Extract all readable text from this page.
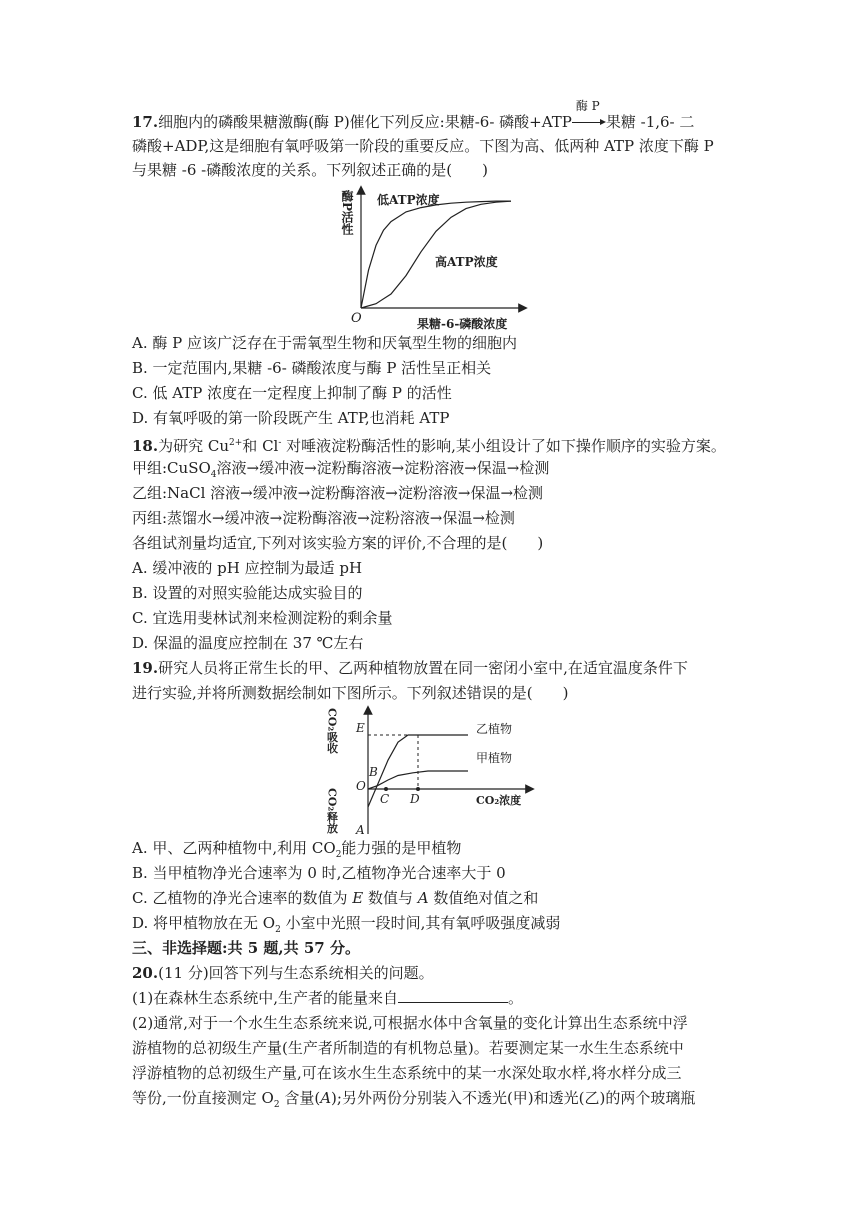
17.细胞内的磷酸果糖激酶(酶 P)催化下列反应:果糖-6- 磷酸+ATP
酶 P
果糖 -1,6- 二
磷酸+ADP,这是细胞有氧呼吸第一阶段的重要反应。下图为高、低两种 ATP 浓度下酶 P
与果糖 -6 -磷酸浓度的关系。下列叙述正确的是(　　)
酶P活性
O	果糖-6-磷酸浓度
低ATP浓度
高ATP浓度
A. 酶 P 应该广泛存在于需氧型生物和厌氧型生物的细胞内
B. 一定范围内,果糖 -6- 磷酸浓度与酶 P 活性呈正相关
C. 低 ATP 浓度在一定程度上抑制了酶 P 的活性
D. 有氧呼吸的第一阶段既产生 ATP,也消耗 ATP
18.为研究 $Cu^{2+}$和 Cl- 对唾液淀粉酶活性的影响,某小组设计了如下操作顺序的实验方案。
甲组:CuSO$_4$溶液→缓冲液→淀粉酶溶液→淀粉溶液→保温→检测
乙组:NaCl 溶液→缓冲液→淀粉酶溶液→淀粉溶液→保温→检测
丙组:蒸馏水→缓冲液→淀粉酶溶液→淀粉溶液→保温→检测
各组试剂量均适宜,下列对该实验方案的评价,不合理的是(　　)
A. 缓冲液的 pH 应控制为最适 pH
B. 设置的对照实验能达成实验目的
C. 宜选用斐林试剂来检测淀粉的剩余量
D. 保温的温度应控制在 37 ℃左右
19.研究人员将正常生长的甲、乙两种植物放置在同一密闭小室中,在适宜温度条件下
进行实验,并将所测数据绘制如下图所示。下列叙述错误的是(　　)
CO₂吸收
CO₂释放	CO₂浓度
E
B
O
C D
A
乙植物
甲植物
A. 甲、乙两种植物中,利用 $CO_2$能力强的是甲植物
B. 当甲植物净光合速率为 0 时,乙植物净光合速率大于 0
C. 乙植物的净光合速率的数值为 E 数值与 A 数值绝对值之和
D. 将甲植物放在无 $O_2$ 小室中光照一段时间,其有氧呼吸强度减弱
三、非选择题:共 5 题,共 57 分。
20.(11 分)回答下列与生态系统相关的问题。
(1)在森林生态系统中,生产者的能量来自	。
(2)通常,对于一个水生生态系统来说,可根据水体中含氧量的变化计算出生态系统中浮
游植物的总初级生产量(生产者所制造的有机物总量)。若要测定某一水生生态系统中
浮游植物的总初级生产量,可在该水生生态系统中的某一水深处取水样,将水样分成三
等份,一份直接测定 $O_2$ 含量(A);另外两份分别装入不透光(甲)和透光(乙)的两个玻璃瓶
